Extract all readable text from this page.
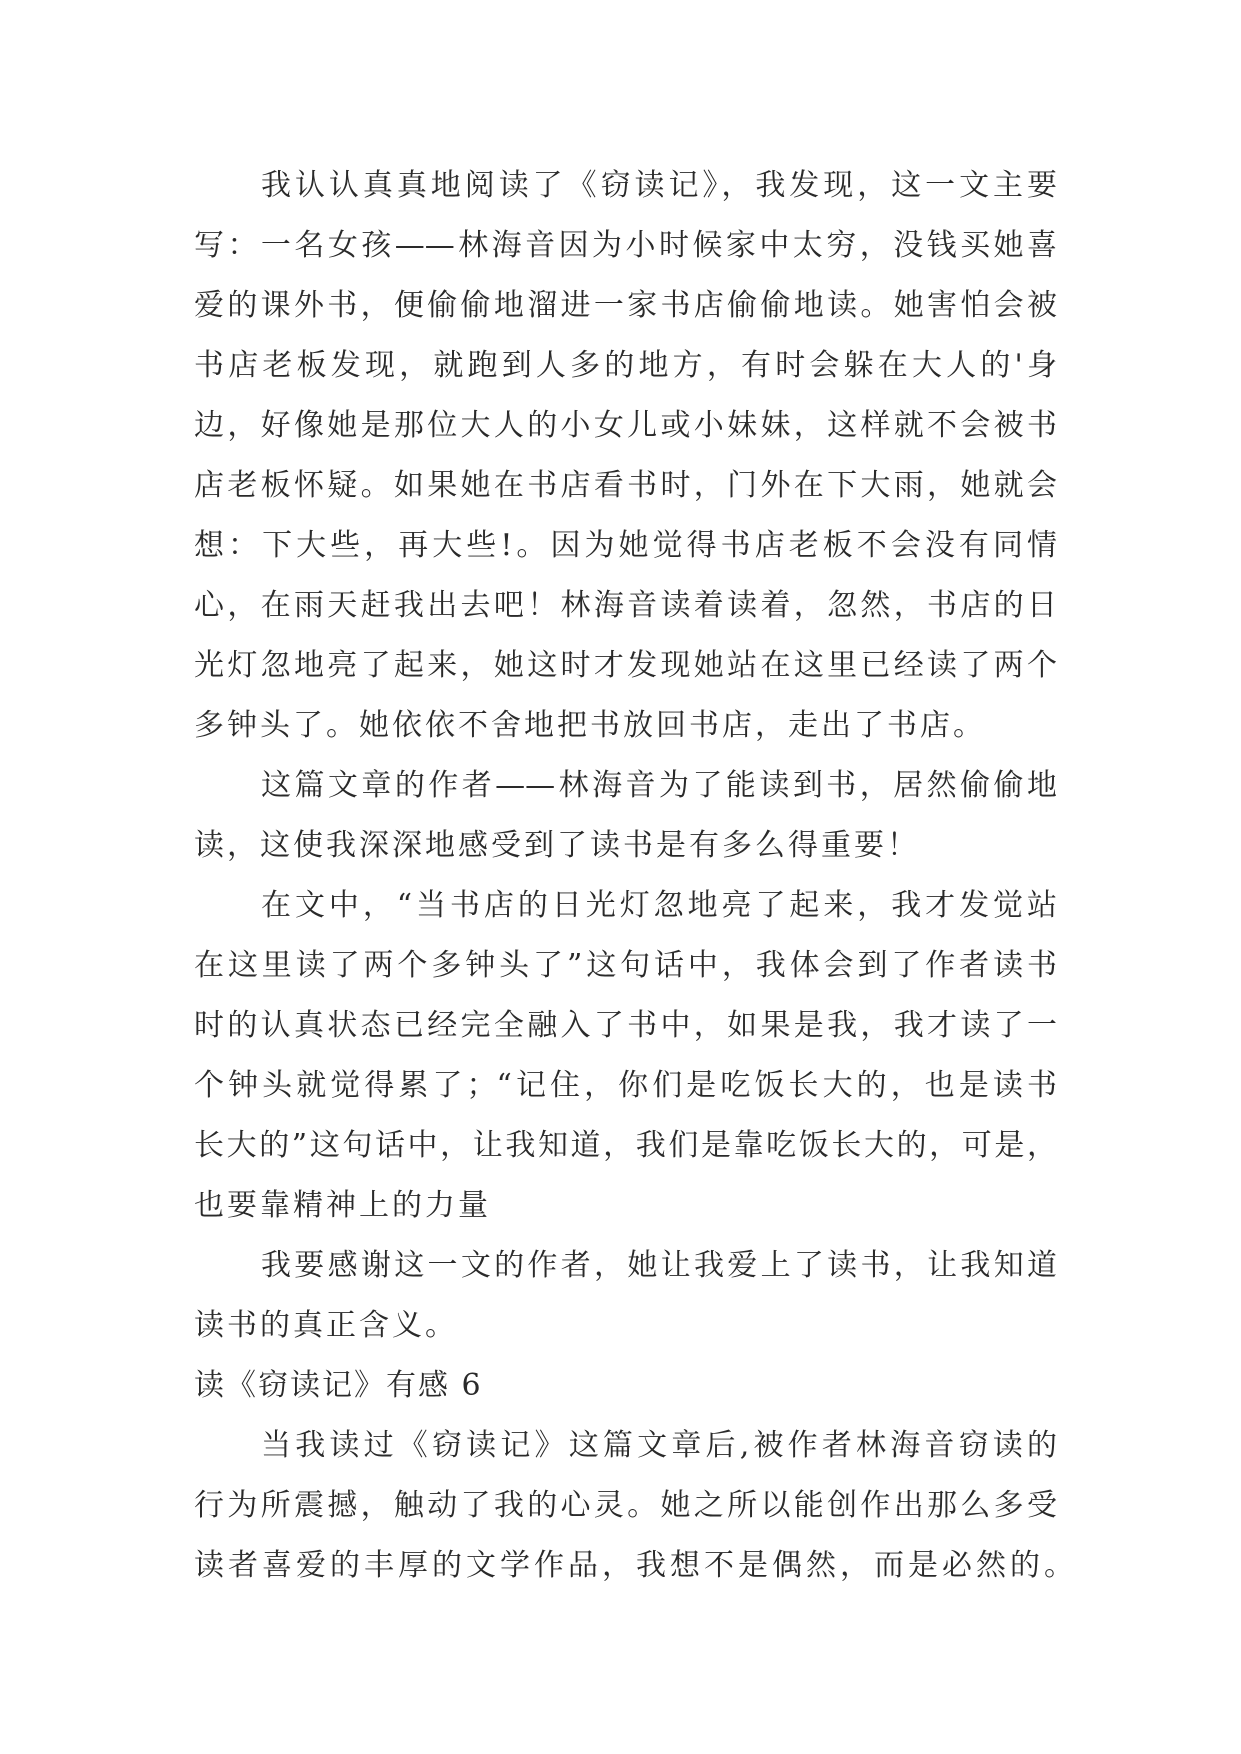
我认认真真地阅读了《窃读记》，我发现，这一文主要
写：一名女孩——林海音因为小时候家中太穷，没钱买她喜
爱的课外书，便偷偷地溜进一家书店偷偷地读。她害怕会被
书店老板发现，就跑到人多的地方，有时会躲在大人的'身
边，好像她是那位大人的小女儿或小妹妹，这样就不会被书
店老板怀疑。如果她在书店看书时，门外在下大雨，她就会
想：下大些，再大些!。因为她觉得书店老板不会没有同情
心，在雨天赶我出去吧！林海音读着读着，忽然，书店的日
光灯忽地亮了起来，她这时才发现她站在这里已经读了两个
多钟头了。她依依不舍地把书放回书店，走出了书店。
这篇文章的作者——林海音为了能读到书，居然偷偷地
读，这使我深深地感受到了读书是有多么得重要！
在文中，“当书店的日光灯忽地亮了起来，我才发觉站
在这里读了两个多钟头了”这句话中，我体会到了作者读书
时的认真状态已经完全融入了书中，如果是我，我才读了一
个钟头就觉得累了；“记住，你们是吃饭长大的，也是读书
长大的”这句话中，让我知道，我们是靠吃饭长大的，可是，
也要靠精神上的力量
我要感谢这一文的作者，她让我爱上了读书，让我知道
读书的真正含义。
读《窃读记》有感 6
当我读过《窃读记》这篇文章后,被作者林海音窃读的
行为所震撼，触动了我的心灵。她之所以能创作出那么多受
读者喜爱的丰厚的文学作品，我想不是偶然，而是必然的。
